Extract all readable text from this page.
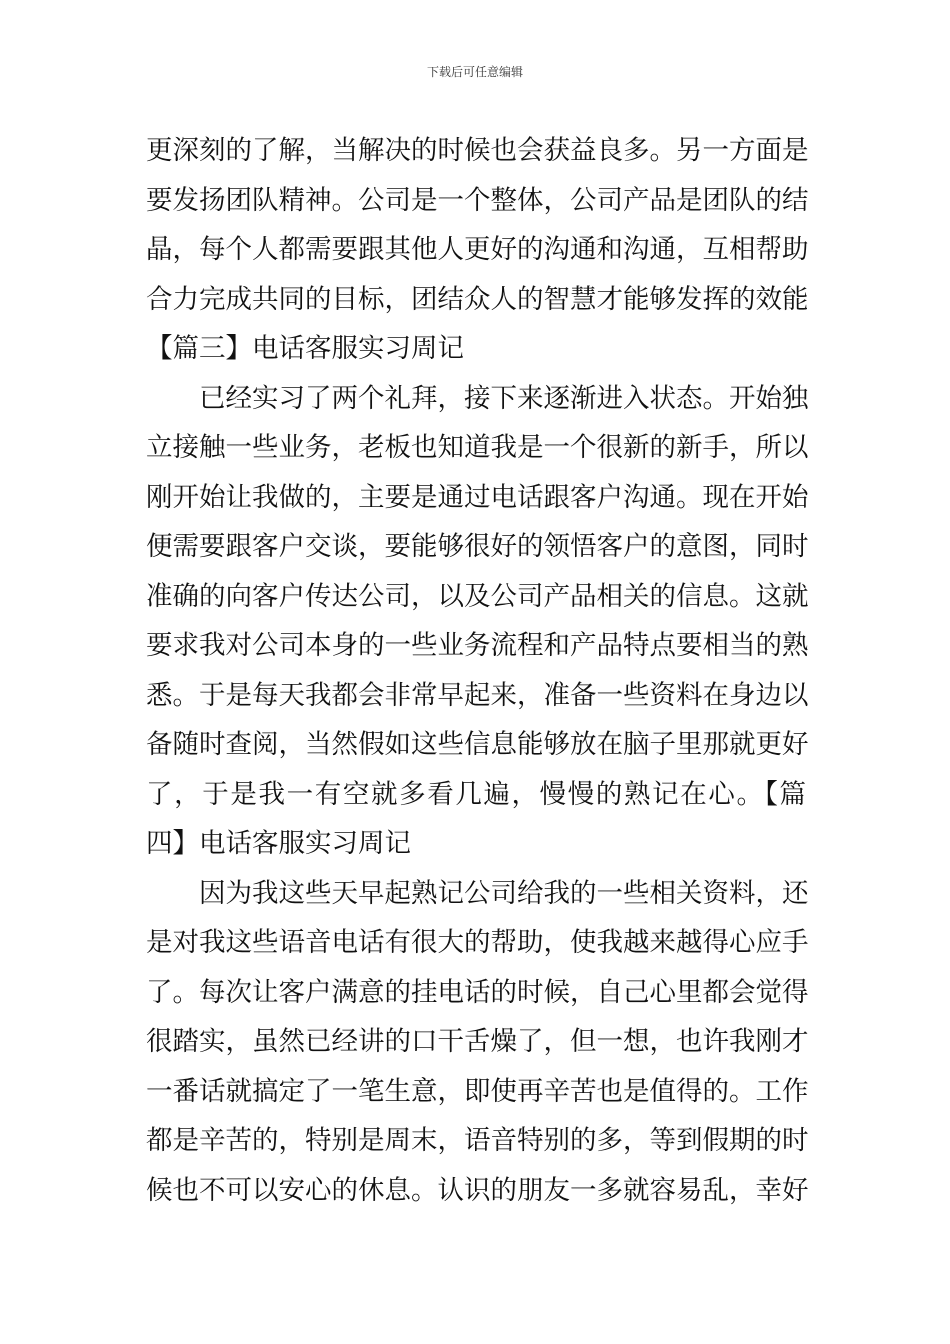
下载后可任意编辑
更深刻的了解，当解决的时候也会获益良多。另一方面是
要发扬团队精神。公司是一个整体，公司产品是团队的结
晶，每个人都需要跟其他人更好的沟通和沟通，互相帮助
合力完成共同的目标，团结众人的智慧才能够发挥的效能
【篇三】电话客服实习周记
已经实习了两个礼拜，接下来逐渐进入状态。开始独
立接触一些业务，老板也知道我是一个很新的新手，所以
刚开始让我做的，主要是通过电话跟客户沟通。现在开始
便需要跟客户交谈，要能够很好的领悟客户的意图，同时
准确的向客户传达公司，以及公司产品相关的信息。这就
要求我对公司本身的一些业务流程和产品特点要相当的熟
悉。于是每天我都会非常早起来，准备一些资料在身边以
备随时查阅，当然假如这些信息能够放在脑子里那就更好
了，于是我一有空就多看几遍，慢慢的熟记在心。【篇
四】电话客服实习周记
因为我这些天早起熟记公司给我的一些相关资料，还
是对我这些语音电话有很大的帮助，使我越来越得心应手
了。每次让客户满意的挂电话的时候，自己心里都会觉得
很踏实，虽然已经讲的口干舌燥了，但一想，也许我刚才
一番话就搞定了一笔生意，即使再辛苦也是值得的。工作
都是辛苦的，特别是周末，语音特别的多，等到假期的时
候也不可以安心的休息。认识的朋友一多就容易乱，幸好
